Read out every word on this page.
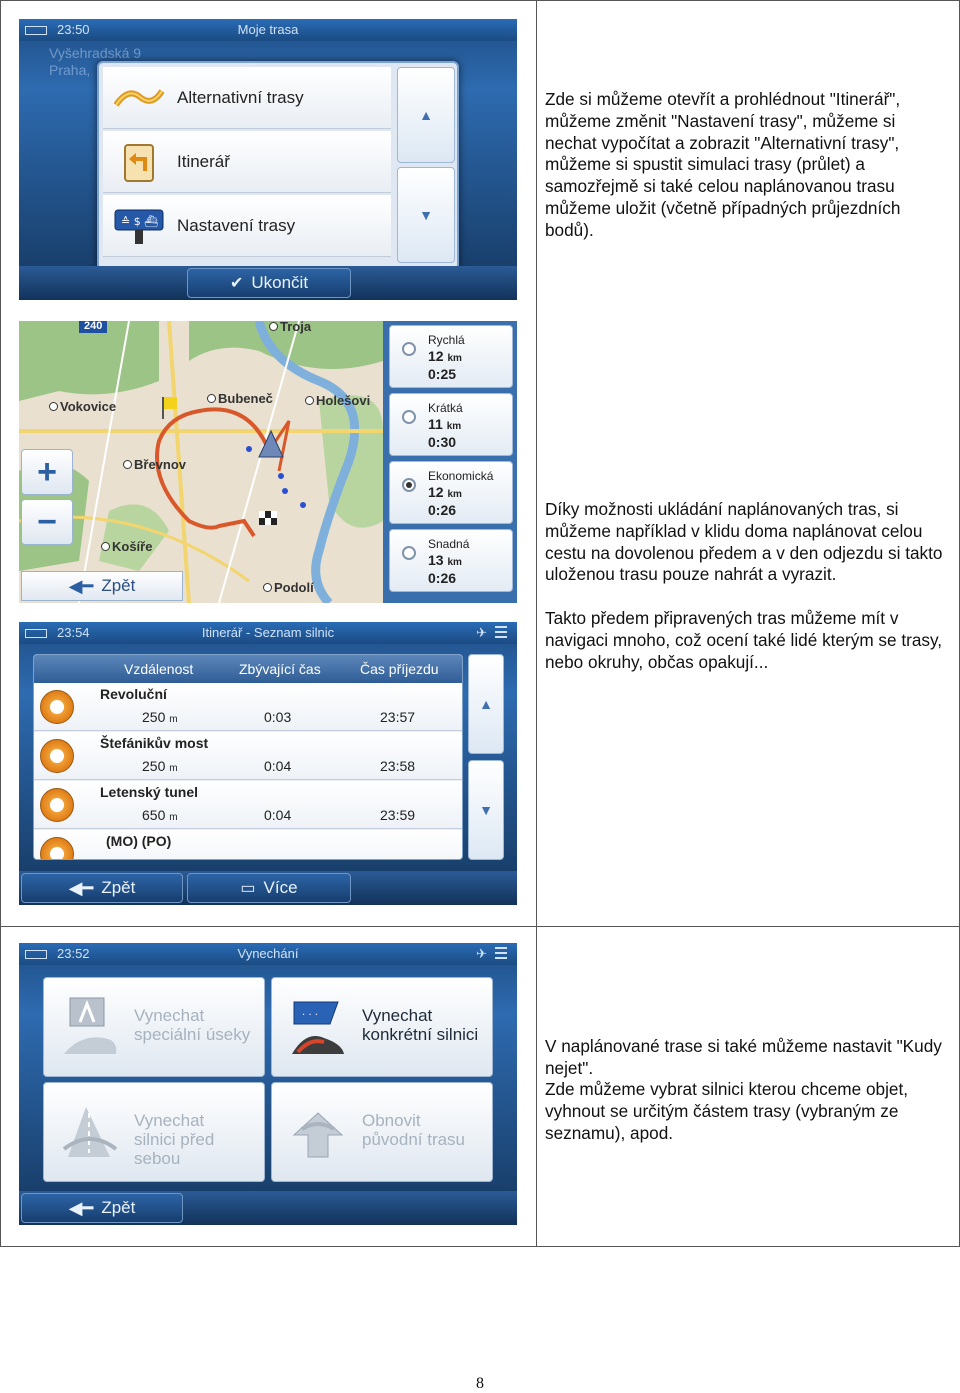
Zde si můžeme otevřít a prohlédnout "Itinerář", můžeme změnit "Nastavení trasy", můžeme si nechat vypočítat a zobrazit "Alternativní trasy", můžeme si spustit simulaci trasy (průlet) a samozřejmě si také celou naplánovanou trasu můžeme uložit (včetně případných průjezdních bodů).

Díky možnosti ukládání naplánovaných tras, si můžeme například v klidu doma naplánovat celou cestu na dovolenou předem a v den odjezdu si takto uloženou trasu pouze nahrát a vyrazit.

Takto předem připravených tras můžeme mít v navigaci mnoho, což ocení také lidé kterým se trasy, nebo okruhy, občas opakují...

V naplánované trase si také můžeme nastavit "Kudy nejet".

Zde můžeme vybrat silnici kterou chceme objet, vyhnout se určitým částem trasy (vybraným ze seznamu), apod.

8
23:50	Moje trasa
Vyšehradská 9
Praha,
Alternativní trasy
Itinerář
≙ $ ⛴ Nastavení trasy
▲
▼
✔ Ukončit
240	Troja
Vokovice
Bubeneč	Holešovi
Břevnov
Košíře
Podolí
+
−
◀━ Zpět
Rychlá
12 km
0:25
Krátká
11 km
0:30
Ekonomická
12 km
0:26
Snadná
13 km
0:26
23:54	Itinerář - Seznam silnic	✈
Vzdálenost	Zbývající čas	Čas příjezdu
Revoluční
250 m	0:03	23:57
Štefánikův most
250 m	0:04	23:58
Letenský tunel
650 m	0:04	23:59
(MO) (PO)
▲
▼
◀━ Zpět	▭ Více
23:52	Vynechání	✈
Vynechat
speciální úseky
· · ·	Vynechat
konkrétní silnici
Vynechat
silnici před sebou
Obnovit
původní trasu
◀━ Zpět
